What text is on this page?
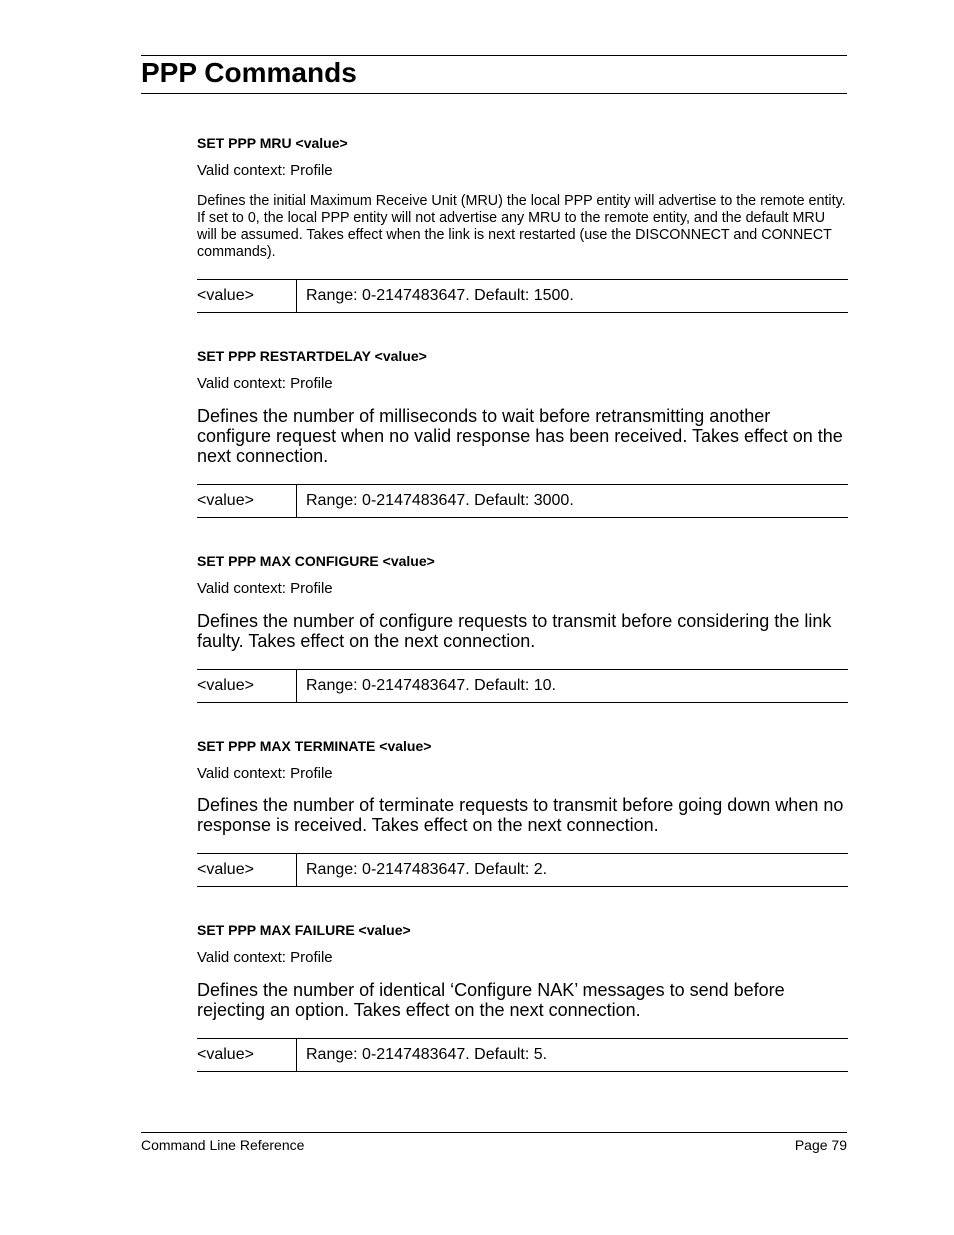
PPP Commands

SET PPP MRU <value>

Valid context: Profile

Defines the initial Maximum Receive Unit (MRU) the local PPP entity will advertise to the remote entity. If set to 0, the local PPP entity will not advertise any MRU to the remote entity, and the default MRU will be assumed. Takes effect when the link is next restarted (use the DISCONNECT and CONNECT commands).

<value>	Range: 0-2147483647. Default: 1500.

SET PPP RESTARTDELAY <value>

Valid context: Profile

Defines the number of milliseconds to wait before retransmitting another configure request when no valid response has been received. Takes effect on the next connection.

<value>	Range: 0-2147483647. Default: 3000.

SET PPP MAX CONFIGURE <value>

Valid context: Profile

Defines the number of configure requests to transmit before considering the link faulty. Takes effect on the next connection.

<value>	Range: 0-2147483647. Default: 10.

SET PPP MAX TERMINATE <value>

Valid context: Profile

Defines the number of terminate requests to transmit before going down when no response is received. Takes effect on the next connection.

<value>	Range: 0-2147483647. Default: 2.

SET PPP MAX FAILURE <value>

Valid context: Profile

Defines the number of identical ‘Configure NAK’ messages to send before rejecting an option. Takes effect on the next connection.

<value>	Range: 0-2147483647. Default: 5.
Command Line Reference	Page 79
